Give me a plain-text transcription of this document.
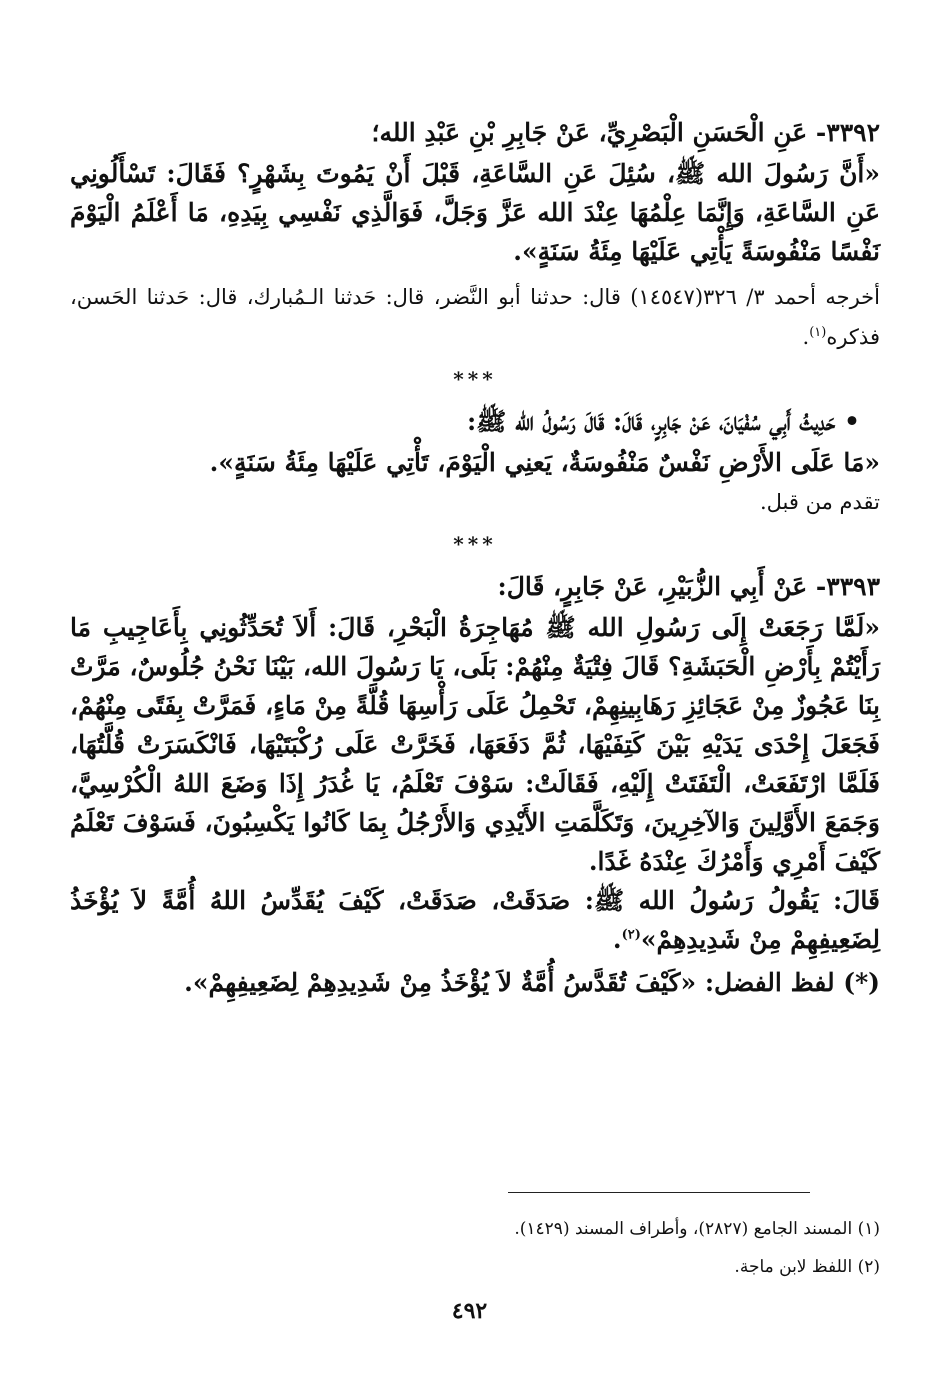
٣٣٩٢- عَنِ الْحَسَنِ الْبَصْرِيِّ، عَنْ جَابِرِ بْنِ عَبْدِ الله؛

«أَنَّ رَسُولَ الله ﷺ، سُئِلَ عَنِ السَّاعَةِ، قَبْلَ أَنْ يَمُوتَ بِشَهْرٍ؟ فَقَالَ: تَسْأَلُونِي عَنِ السَّاعَةِ، وَإِنَّمَا عِلْمُهَا عِنْدَ الله عَزَّ وَجَلَّ، فَوَالَّذِي نَفْسِي بِيَدِهِ، مَا أَعْلَمُ الْيَوْمَ نَفْسًا مَنْفُوسَةً يَأْتِي عَلَيْهَا مِئَةُ سَنَةٍ».

أخرجه أحمد ٣/ ٣٢٦(١٤٥٤٧) قال: حدثنا أبو النَّضر، قال: حَدثنا الـمُبارك، قال: حَدثنا الحَسن، فذكره$^{(١)}$.

***

• حَدِيثُ أَبِي سُفْيَانَ، عَنْ جَابِرٍ، قَالَ: قَالَ رَسُولُ الله ﷺ:

«مَا عَلَى الأَرْضِ نَفْسٌ مَنْفُوسَةٌ، يَعنِي الْيَوْمَ، تَأْتِي عَلَيْهَا مِئَةُ سَنَةٍ».

تقدم من قبل.

***

٣٣٩٣- عَنْ أَبِي الزُّبَيْرِ، عَنْ جَابِرٍ، قَالَ:

«لَمَّا رَجَعَتْ إِلَى رَسُولِ الله ﷺ مُهَاجِرَةُ الْبَحْرِ، قَالَ: أَلاَ تُحَدِّثُونِي بِأَعَاجِيبِ مَا رَأَيْتُمْ بِأَرْضِ الْحَبَشَةِ؟ قَالَ فِتْيَةٌ مِنْهُمْ: بَلَى، يَا رَسُولَ الله، بَيْنَا نَحْنُ جُلُوسٌ، مَرَّتْ بِنَا عَجُوزٌ مِنْ عَجَائِزِ رَهَابِينِهِمْ، تَحْمِلُ عَلَى رَأْسِهَا قُلَّةً مِنْ مَاءٍ، فَمَرَّتْ بِفَتًى مِنْهُمْ، فَجَعَلَ إِحْدَى يَدَيْهِ بَيْنَ كَتِفَيْهَا، ثُمَّ دَفَعَهَا، فَخَرَّتْ عَلَى رُكْبَتَيْهَا، فَانْكَسَرَتْ قُلَّتُهَا، فَلَمَّا ارْتَفَعَتْ، الْتَفَتَتْ إِلَيْهِ، فَقَالَتْ: سَوْفَ تَعْلَمُ، يَا غُدَرُ إِذَا وَضَعَ اللهُ الْكُرْسِيَّ، وَجَمَعَ الأَوَّلِينَ وَالآخِرِينَ، وَتَكَلَّمَتِ الأَيْدِي وَالأَرْجُلُ بِمَا كَانُوا يَكْسِبُونَ، فَسَوْفَ تَعْلَمُ كَيْفَ أَمْرِي وَأَمْرُكَ عِنْدَهُ غَدًا.

قَالَ: يَقُولُ رَسُولُ الله ﷺ: صَدَقَتْ، صَدَقَتْ، كَيْفَ يُقَدِّسُ اللهُ أُمَّةً لاَ يُؤْخَذُ لِضَعِيفِهِمْ مِنْ شَدِيدِهِمْ»$^{(٢)}$.

(*) لفظ الفضل: «كَيْفَ تُقَدَّسُ أُمَّةٌ لاَ يُؤْخَذُ مِنْ شَدِيدِهِمْ لِضَعِيفِهِمْ».

(١) المسند الجامع (٢٨٢٧)، وأطراف المسند (١٤٢٩).

(٢) اللفظ لابن ماجة.

٤٩٢
